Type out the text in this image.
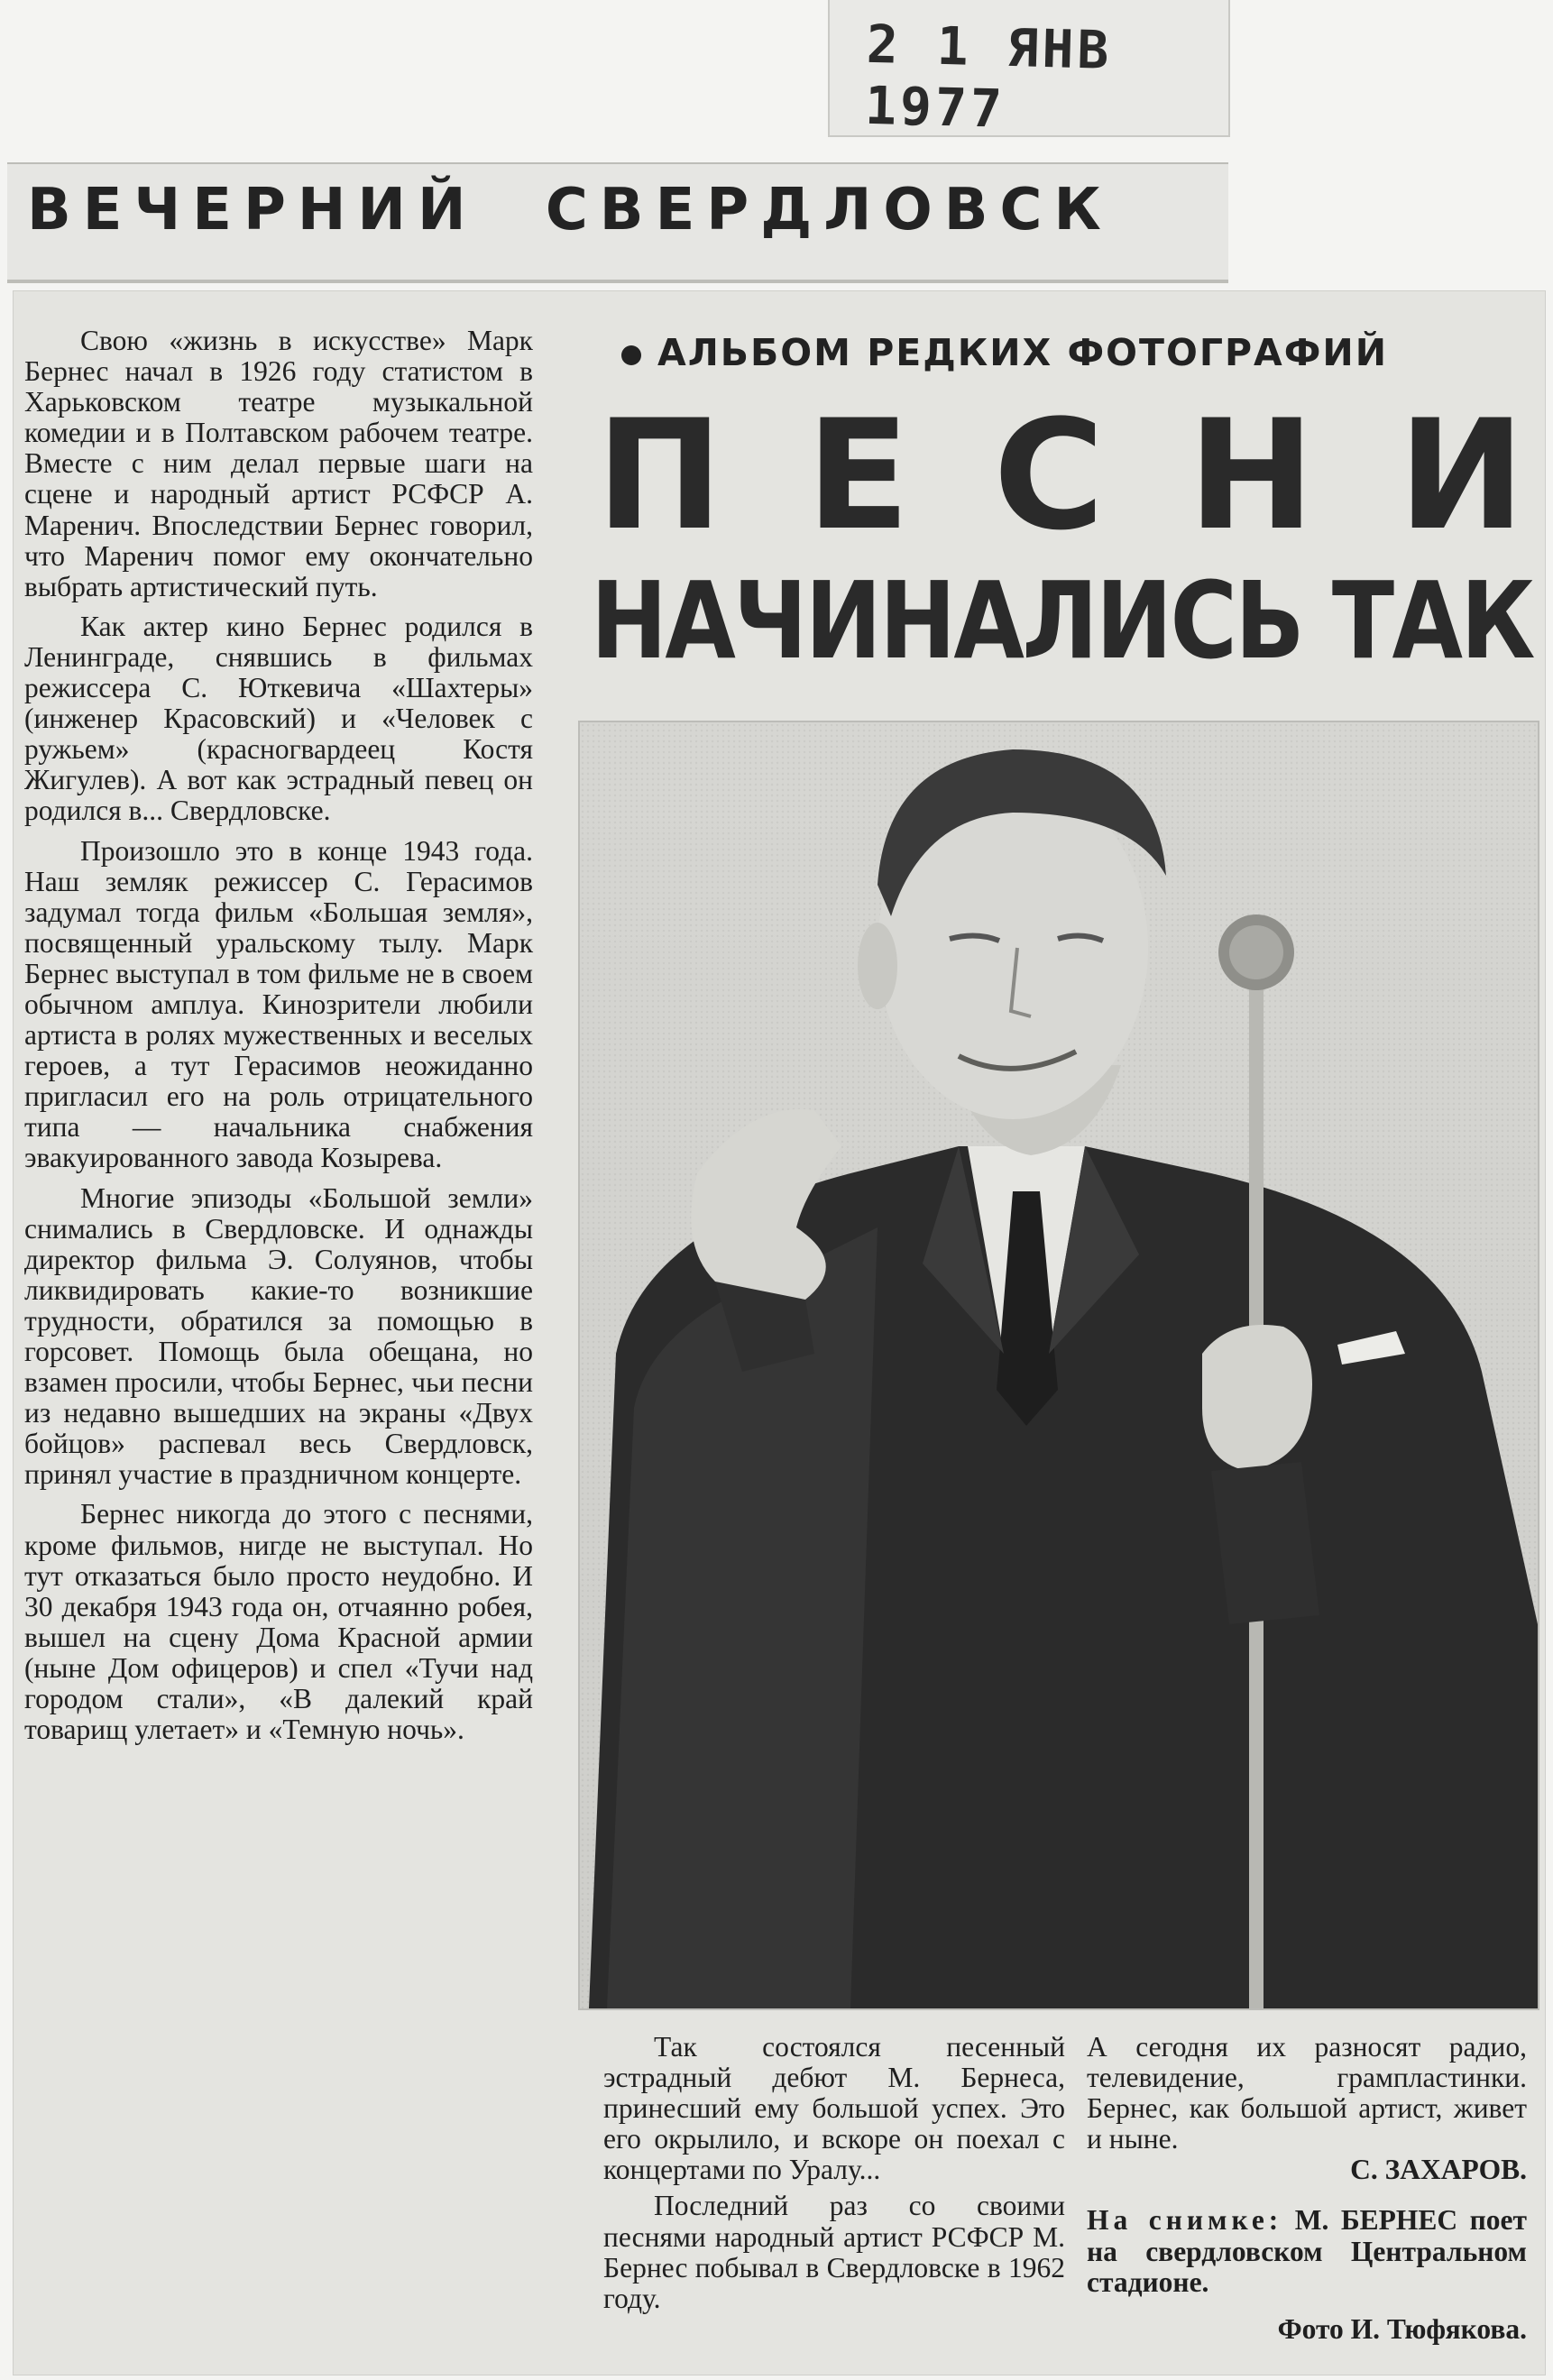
2 1 ЯНВ 1977
ВЕЧЕРНИЙ СВЕРДЛОВСК

Свою «жизнь в искусстве» Марк Бернес начал в 1926 году статистом в Харьковском театре музыкальной комедии и в Полтавском рабочем театре. Вместе с ним делал первые шаги на сцене и народный артист РСФСР А. Маренич. Впоследствии Бернес говорил, что Маренич помог ему окончательно выбрать артистический путь.

Как актер кино Бернес родился в Ленинграде, снявшись в фильмах режиссера С. Юткевича «Шахтеры» (инженер Красовский) и «Человек с ружьем» (красногвардеец Костя Жигулев). А вот как эстрадный певец он родился в... Свердловске.

Произошло это в конце 1943 года. Наш земляк режиссер С. Герасимов задумал тогда фильм «Большая земля», посвященный уральскому тылу. Марк Бернес выступал в том фильме не в своем обычном амплуа. Кинозрители любили артиста в ролях мужественных и веселых героев, а тут Герасимов неожиданно пригласил его на роль отрицательного типа — начальника снабжения эвакуированного завода Козырева.

Многие эпизоды «Большой земли» снимались в Свердловске. И однажды директор фильма Э. Солуянов, чтобы ликвидировать какие-то возникшие трудности, обратился за помощью в горсовет. Помощь была обещана, но взамен просили, чтобы Бернес, чьи песни из недавно вышедших на экраны «Двух бойцов» распевал весь Свердловск, принял участие в праздничном концерте.

Бернес никогда до этого с песнями, кроме фильмов, нигде не выступал. Но тут отказаться было просто неудобно. И 30 декабря 1943 года он, отчаянно робея, вышел на сцену Дома Красной армии (ныне Дом офицеров) и спел «Тучи над городом стали», «В далекий край товарищ улетает» и «Темную ночь».

АЛЬБОМ РЕДКИХ ФОТОГРАФИЙ
П Е С Н И
НАЧИНАЛИСЬ ТАК

Так состоялся песенный эстрадный дебют М. Бернеса, принесший ему большой успех. Это его окрылило, и вскоре он поехал с концертами по Уралу...

Последний раз со своими песнями народный артист РСФСР М. Бернес побывал в Свердловске в 1962 году.

А сегодня их разносят радио, телевидение, грампластинки. Бернес, как большой артист, живет и ныне.

С. ЗАХАРОВ.

На снимке: М. БЕРНЕС поет на свердловском Центральном стадионе.

Фото И. Тюфякова.
